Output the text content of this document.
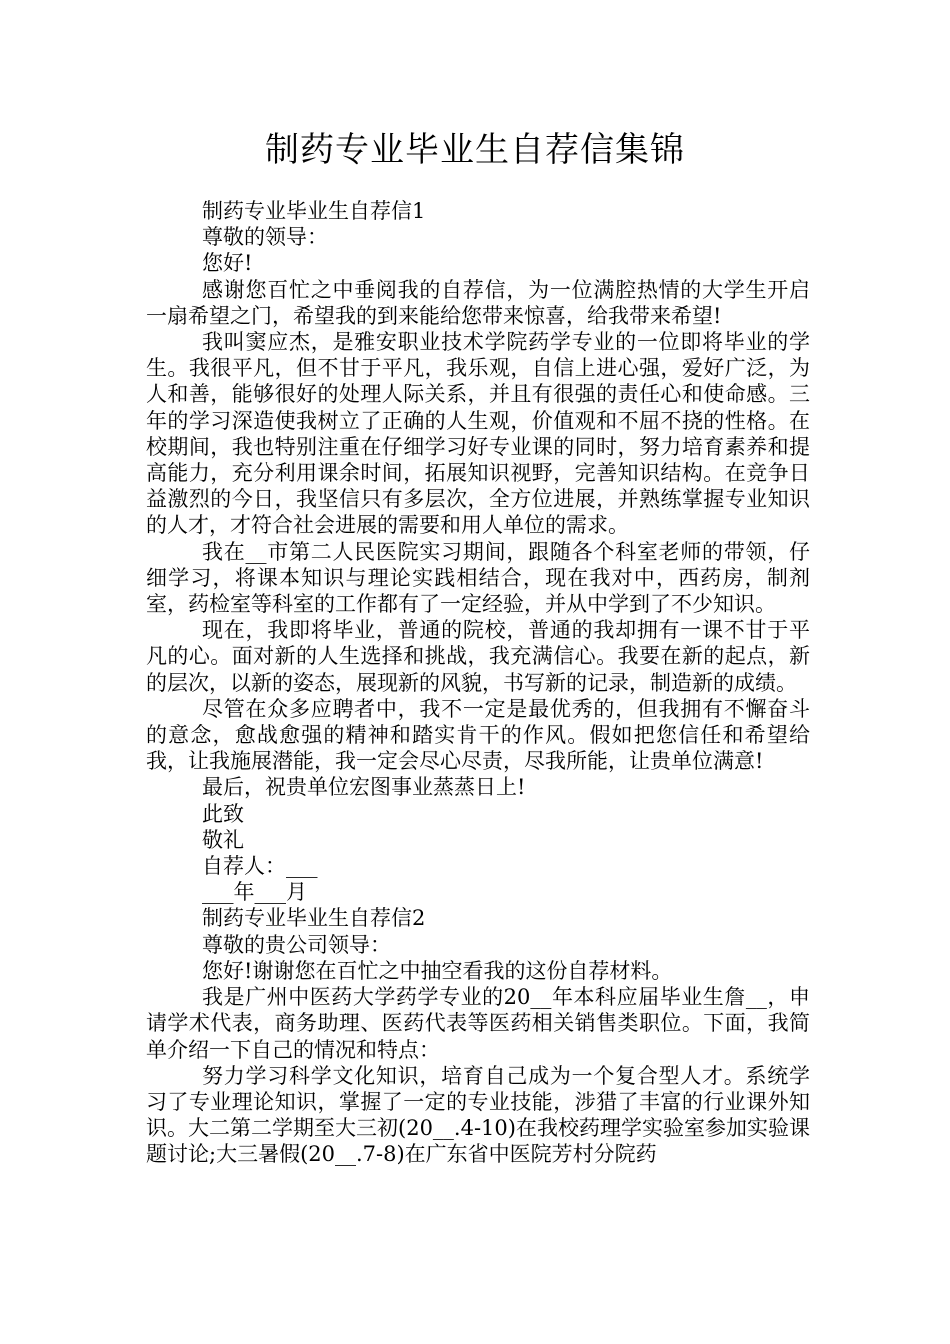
制药专业毕业生自荐信集锦

制药专业毕业生自荐信1

尊敬的领导：

您好!

感谢您百忙之中垂阅我的自荐信，为一位满腔热情的大学生开启一扇希望之门，希望我的到来能给您带来惊喜，给我带来希望!

我叫窦应杰，是雅安职业技术学院药学专业的一位即将毕业的学生。我很平凡，但不甘于平凡，我乐观，自信上进心强，爱好广泛，为人和善，能够很好的处理人际关系，并且有很强的责任心和使命感。三年的学习深造使我树立了正确的人生观，价值观和不屈不挠的性格。在校期间，我也特别注重在仔细学习好专业课的同时，努力培育素养和提高能力，充分利用课余时间，拓展知识视野，完善知识结构。在竞争日益激烈的今日，我坚信只有多层次，全方位进展，并熟练掌握专业知识的人才，才符合社会进展的需要和用人单位的需求。

我在__市第二人民医院实习期间，跟随各个科室老师的带领，仔细学习，将课本知识与理论实践相结合，现在我对中，西药房，制剂室，药检室等科室的工作都有了一定经验，并从中学到了不少知识。

现在，我即将毕业，普通的院校，普通的我却拥有一课不甘于平凡的心。面对新的人生选择和挑战，我充满信心。我要在新的起点，新的层次，以新的姿态，展现新的风貌，书写新的记录，制造新的成绩。

尽管在众多应聘者中，我不一定是最优秀的，但我拥有不懈奋斗的意念，愈战愈强的精神和踏实肯干的作风。假如把您信任和希望给我，让我施展潜能，我一定会尽心尽责，尽我所能，让贵单位满意!

最后，祝贵单位宏图事业蒸蒸日上!

此致

敬礼

自荐人：___

___年___月

制药专业毕业生自荐信2

尊敬的贵公司领导：

您好!谢谢您在百忙之中抽空看我的这份自荐材料。

我是广州中医药大学药学专业的20__年本科应届毕业生詹__，申请学术代表，商务助理、医药代表等医药相关销售类职位。下面，我简单介绍一下自己的情况和特点：

努力学习科学文化知识，培育自己成为一个复合型人才。系统学习了专业理论知识，掌握了一定的专业技能，涉猎了丰富的行业课外知识。大二第二学期至大三初(20__.4-10)在我校药理学实验室参加实验课题讨论;大三暑假(20__.7-8)在广东省中医院芳村分院药
